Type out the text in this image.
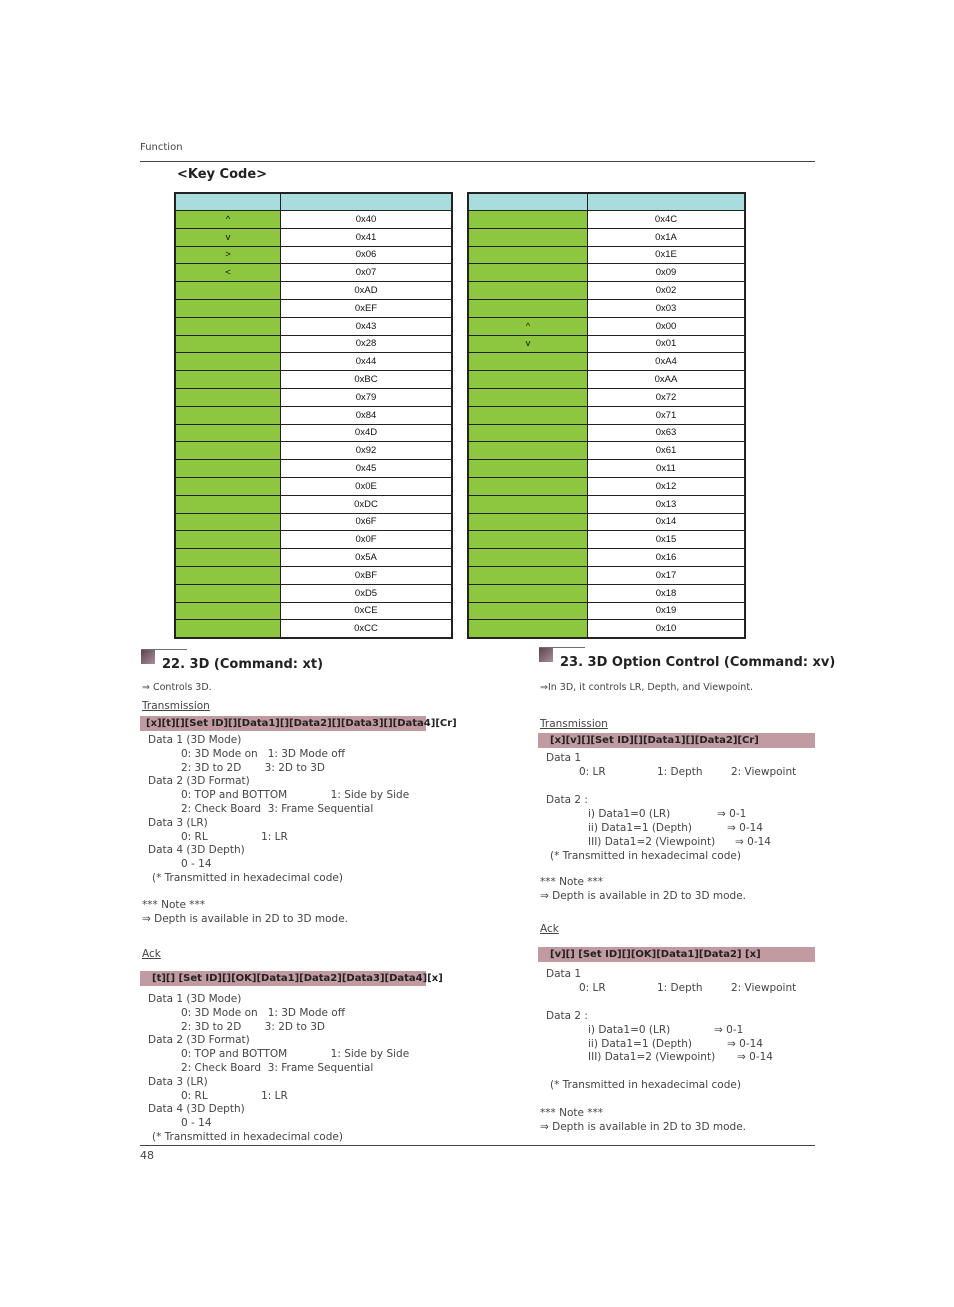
Function
<Key Code>

^	0x40
v	0x41
>	0x06
<	0x07
	0xAD
	0xEF
	0x43
	0x28
	0x44
	0xBC
	0x79
	0x84
	0x4D
	0x92
	0x45
	0x0E
	0xDC
	0x6F
	0x0F
	0x5A
	0xBF
	0xD5
	0xCE
	0xCC

	0x4C
	0x1A
	0x1E
	0x09
	0x02
	0x03
^	0x00
v	0x01
	0xA4
	0xAA
	0x72
	0x71
	0x63
	0x61
	0x11
	0x12
	0x13
	0x14
	0x15
	0x16
	0x17
	0x18
	0x19
	0x10
22. 3D (Command: xt)
⇒ Controls 3D.
Transmission
[x][t][][Set ID][][Data1][][Data2][][Data3][][Data4][Cr]
Data 1 (3D Mode)
0: 3D Mode on   1: 3D Mode off
2: 3D to 2D       3: 2D to 3D
Data 2 (3D Format)
0: TOP and BOTTOM             1: Side by Side
2: Check Board  3: Frame Sequential
Data 3 (LR)
0: RL                1: LR
Data 4 (3D Depth)
0 - 14
(* Transmitted in hexadecimal code)
*** Note ***
⇒ Depth is available in 2D to 3D mode.
Ack
[t][] [Set ID][][OK][Data1][Data2][Data3][Data4][x]
Data 1 (3D Mode)
0: 3D Mode on   1: 3D Mode off
2: 3D to 2D       3: 2D to 3D
Data 2 (3D Format)
0: TOP and BOTTOM             1: Side by Side
2: Check Board  3: Frame Sequential
Data 3 (LR)
0: RL                1: LR
Data 4 (3D Depth)
0 - 14
(* Transmitted in hexadecimal code)
23. 3D Option Control (Command: xv)
⇒In 3D, it controls LR, Depth, and Viewpoint.
Transmission
[x][v][][Set ID][][Data1][][Data2][Cr]
Data 1
0: LR	1: Depth	2: Viewpoint
Data 2 :
i) Data1=0 (LR)	⇒ 0-1
ii) Data1=1 (Depth)	⇒ 0-14
III) Data1=2 (Viewpoint) ⇒ 0-14
(* Transmitted in hexadecimal code)
*** Note ***
⇒ Depth is available in 2D to 3D mode.
Ack
[v][] [Set ID][][OK][Data1][Data2] [x]
Data 1
0: LR	1: Depth	2: Viewpoint
Data 2 :
i) Data1=0 (LR)	⇒ 0-1
ii) Data1=1 (Depth)	⇒ 0-14
III) Data1=2 (Viewpoint) ⇒ 0-14
(* Transmitted in hexadecimal code)
*** Note ***
⇒ Depth is available in 2D to 3D mode.
48
